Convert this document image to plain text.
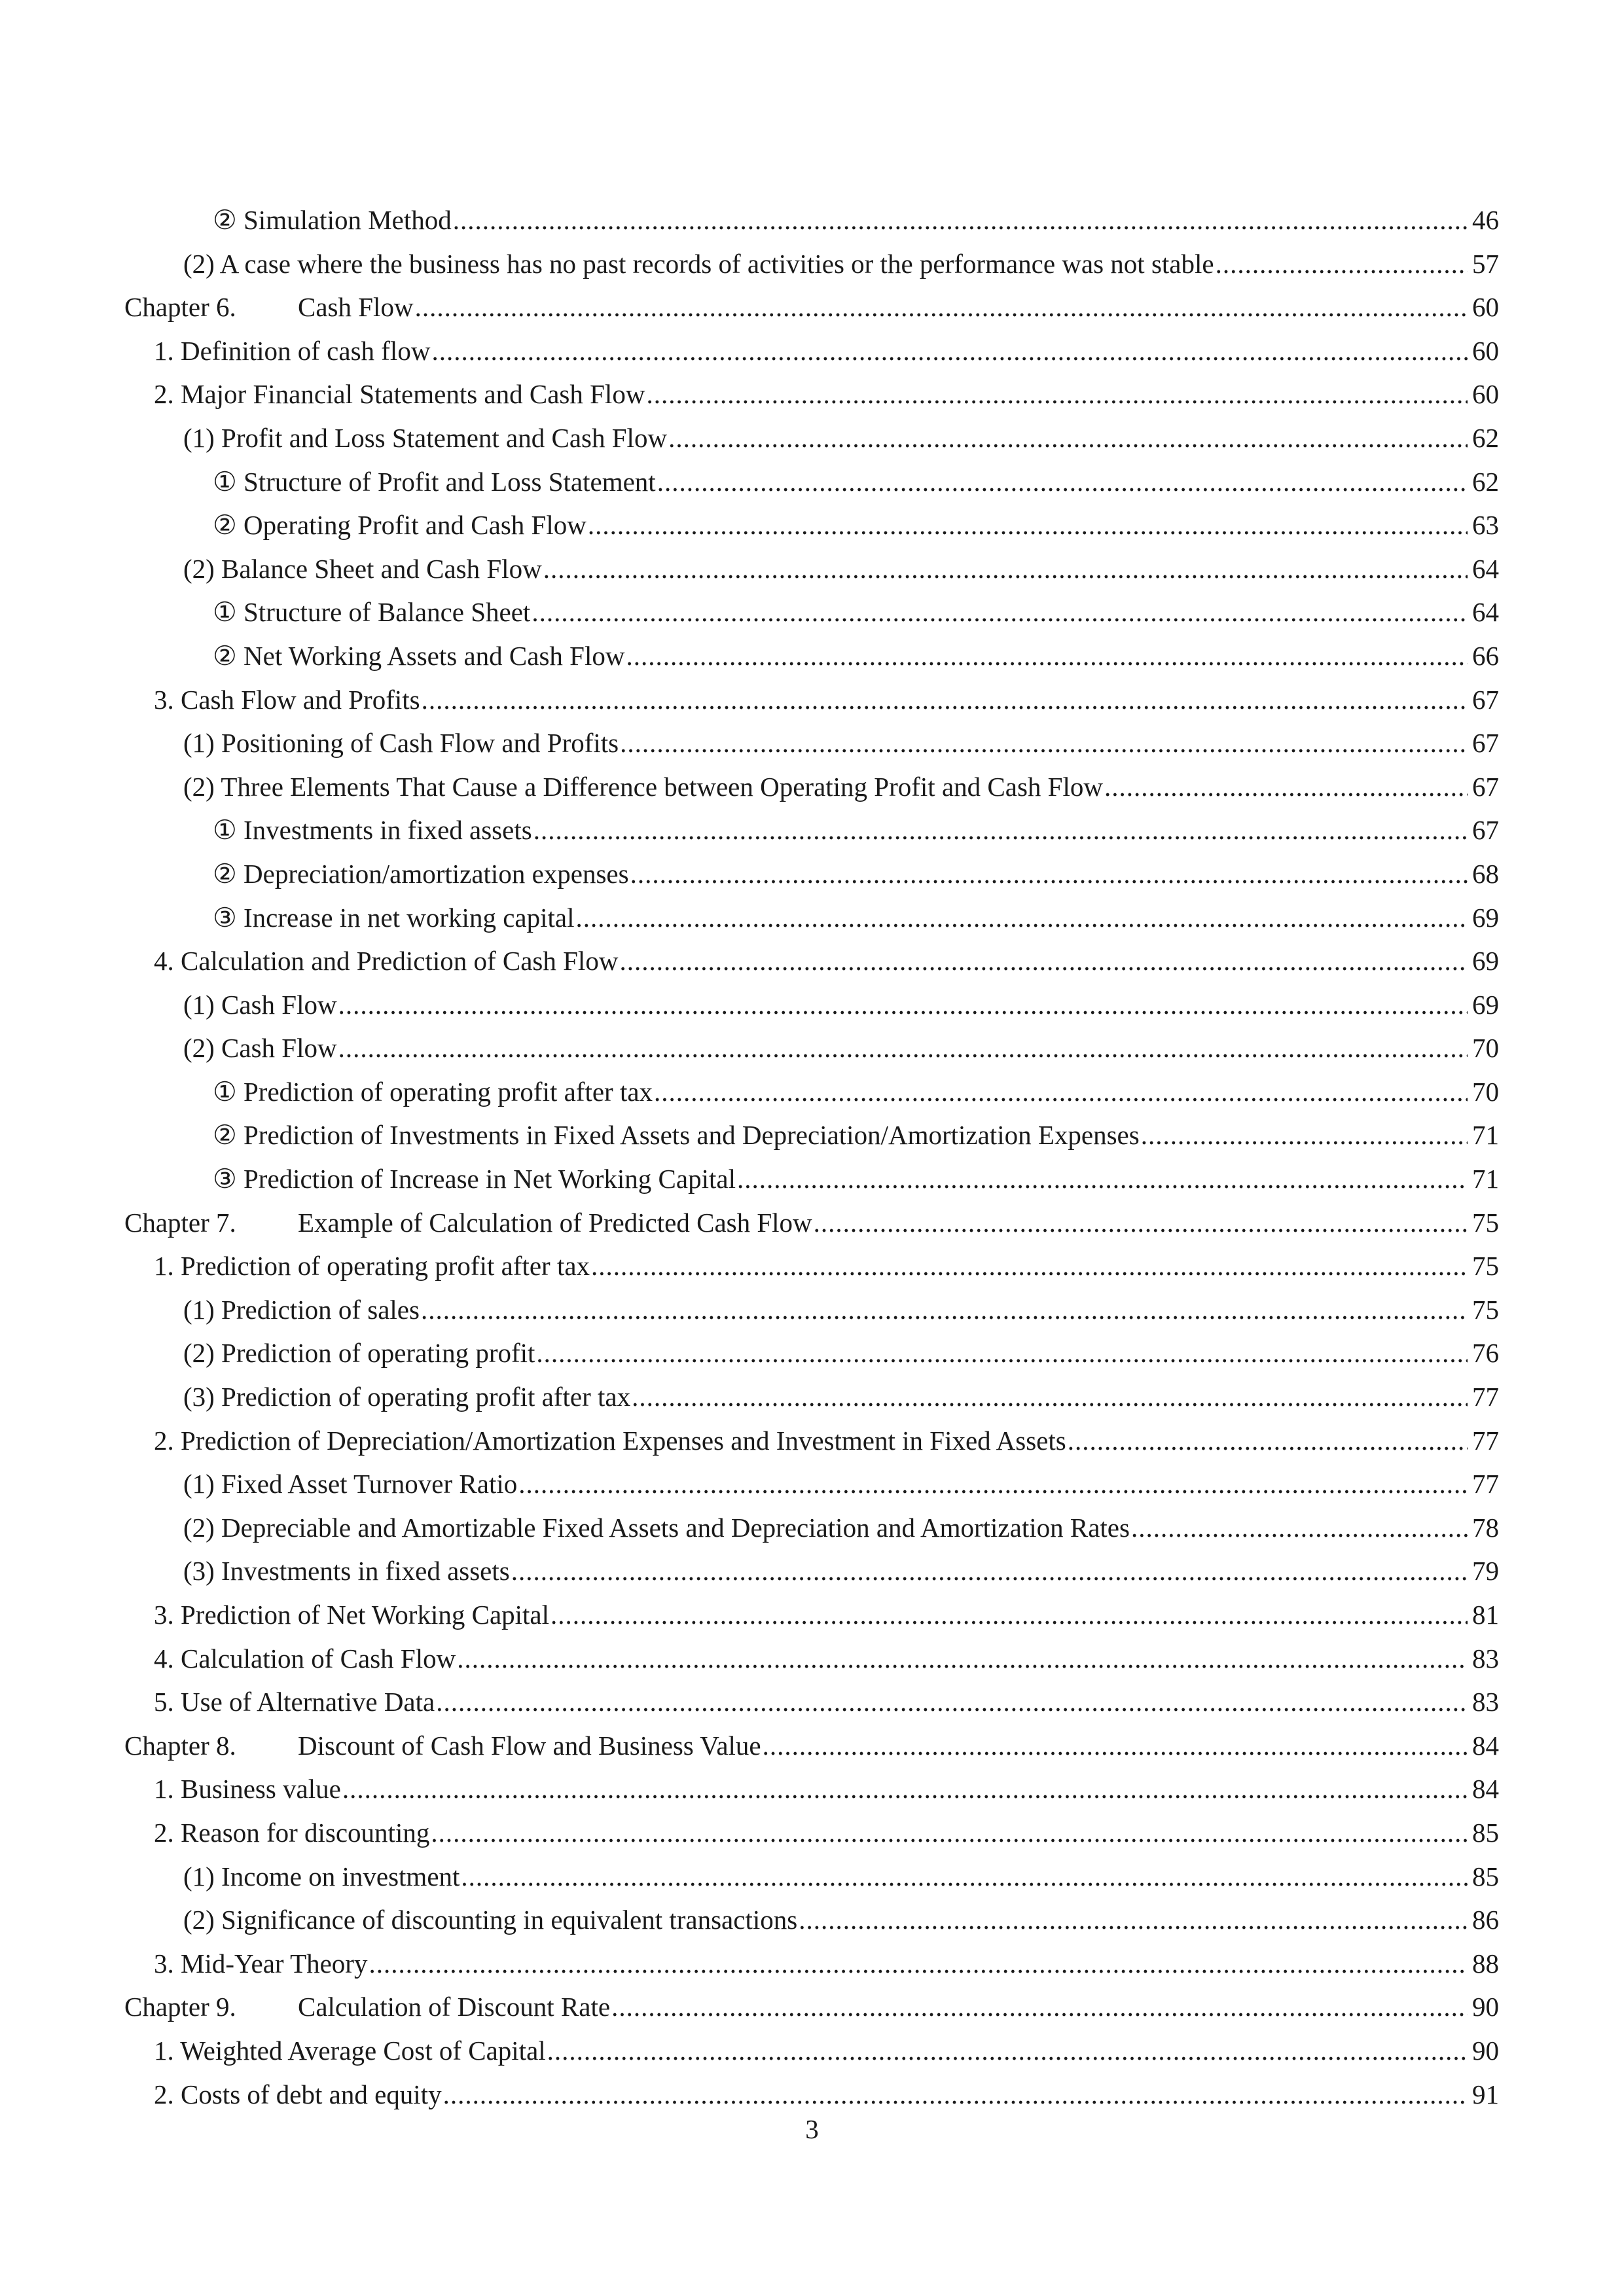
② Simulation Method .....	46
(2) A case where the business has no past records of activities or the performance was not stable .....	57
Chapter 6.	Cash Flow .....	60
1. Definition of cash flow .....	60
2. Major Financial Statements and Cash Flow .....	60
(1) Profit and Loss Statement and Cash Flow .....	62
① Structure of Profit and Loss Statement .....	62
② Operating Profit and Cash Flow .....	63
(2) Balance Sheet and Cash Flow .....	64
① Structure of Balance Sheet .....	64
② Net Working Assets and Cash Flow .....	66
3. Cash Flow and Profits .....	67
(1) Positioning of Cash Flow and Profits .....	67
(2) Three Elements That Cause a Difference between Operating Profit and Cash Flow .....	67
① Investments in fixed assets .....	67
② Depreciation/amortization expenses .....	68
③ Increase in net working capital .....	69
4. Calculation and Prediction of Cash Flow .....	69
(1) Cash Flow .....	69
(2) Cash Flow .....	70
① Prediction of operating profit after tax .....	70
② Prediction of Investments in Fixed Assets and Depreciation/Amortization Expenses .....	71
③ Prediction of Increase in Net Working Capital .....	71
Chapter 7.	Example of Calculation of Predicted Cash Flow .....	75
1. Prediction of operating profit after tax .....	75
(1) Prediction of sales .....	75
(2) Prediction of operating profit .....	76
(3) Prediction of operating profit after tax .....	77
2. Prediction of Depreciation/Amortization Expenses and Investment in Fixed Assets .....	77
(1) Fixed Asset Turnover Ratio .....	77
(2) Depreciable and Amortizable Fixed Assets and Depreciation and Amortization Rates .....	78
(3) Investments in fixed assets .....	79
3. Prediction of Net Working Capital .....	81
4. Calculation of Cash Flow .....	83
5. Use of Alternative Data .....	83
Chapter 8.	Discount of Cash Flow and Business Value .....	84
1. Business value .....	84
2. Reason for discounting .....	85
(1) Income on investment .....	85
(2) Significance of discounting in equivalent transactions .....	86
3. Mid-Year Theory .....	88
Chapter 9.	Calculation of Discount Rate .....	90
1. Weighted Average Cost of Capital .....	90
2. Costs of debt and equity .....	91
3
